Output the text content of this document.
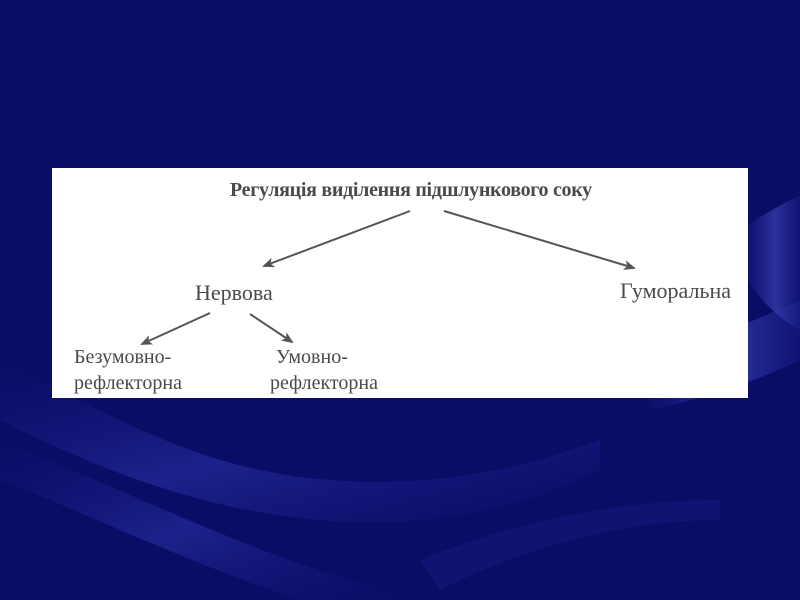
Регуляція виділення підшлункового соку
Нервова	Гуморальна
Безумовно-
рефлекторна
Умовно-
рефлекторна
